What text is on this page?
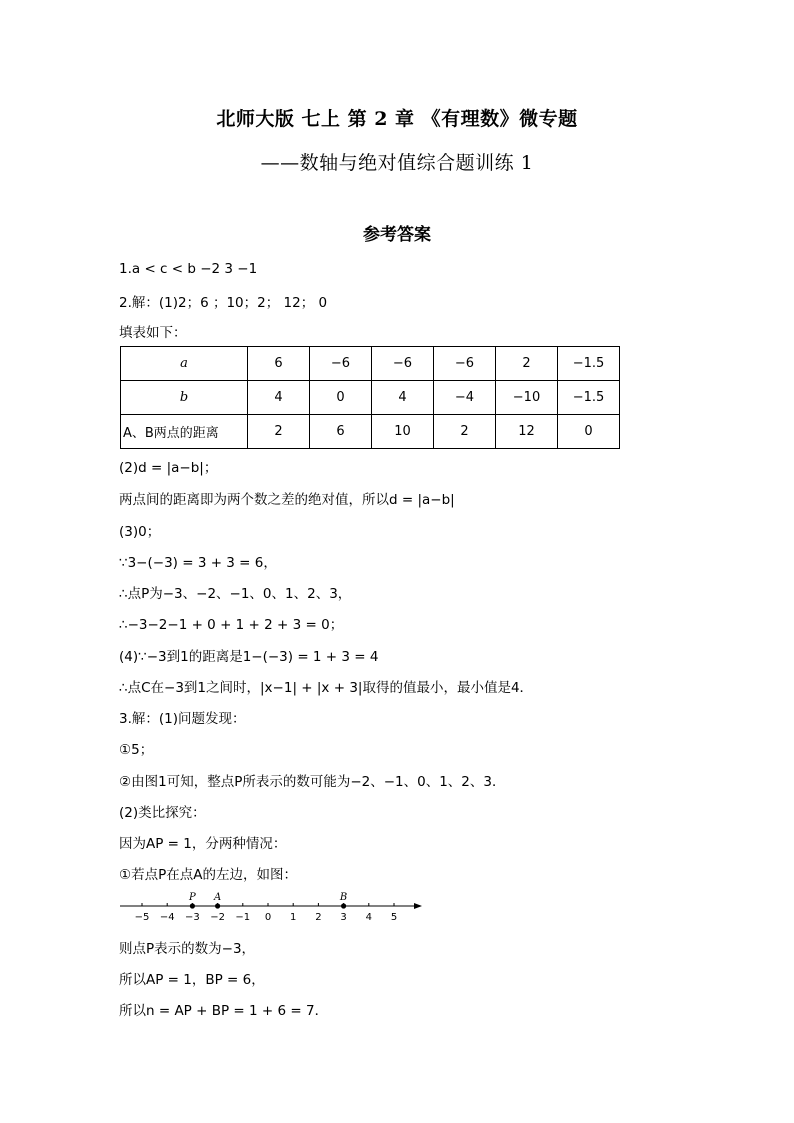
北师大版 七上 第 2 章 《有理数》微专题
——数轴与绝对值综合题训练 1
参考答案
1.a < c < b −2 3 −1
2.解：(1)2；6 ；10；2； 12； 0
填表如下：
a	6	−6	−6	−6	2	−1.5
b	4	0	4	−4	−10	−1.5
A、B两点的距离	2	6	10	2	12	0
(2)d = |a−b|；
两点间的距离即为两个数之差的绝对值，所以d = |a−b|
(3)0；
∵3−(−3) = 3 + 3 = 6，
∴点P为−3、−2、−1、0、1、2、3，
∴−3−2−1 + 0 + 1 + 2 + 3 = 0；
(4)∵−3到1的距离是1−(−3) = 1 + 3 = 4
∴点C在−3到1之间时，|x−1| + |x + 3|取得的值最小，最小值是4．
3.解：(1)问题发现：
①5；
②由图1可知，整点P所表示的数可能为−2、−1、0、1、2、3．
(2)类比探究：
因为AP = 1，分两种情况：
①若点P在点A的左边，如图：
−5 −4 −3 −2 −1 0 1 2 3 4 5
P A	B
则点P表示的数为−3，
所以AP = 1，BP = 6，
所以n = AP + BP = 1 + 6 = 7．
